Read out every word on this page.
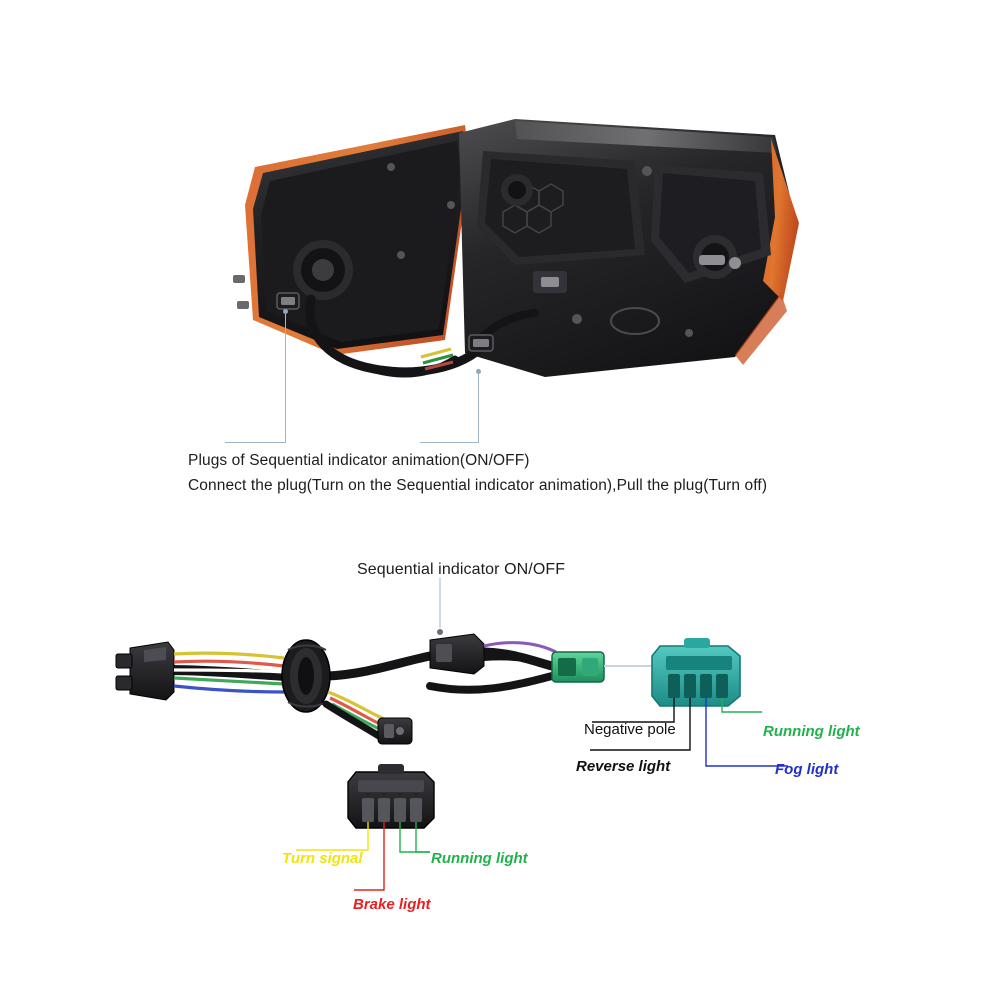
Plugs of Sequential indicator animation(ON/OFF)
Connect the plug(Turn on the Sequential indicator animation),Pull the plug(Turn off)
Sequential indicator ON/OFF
Negative pole
Reverse light
Running light
Fog light
Turn signal	Running light
Brake light
